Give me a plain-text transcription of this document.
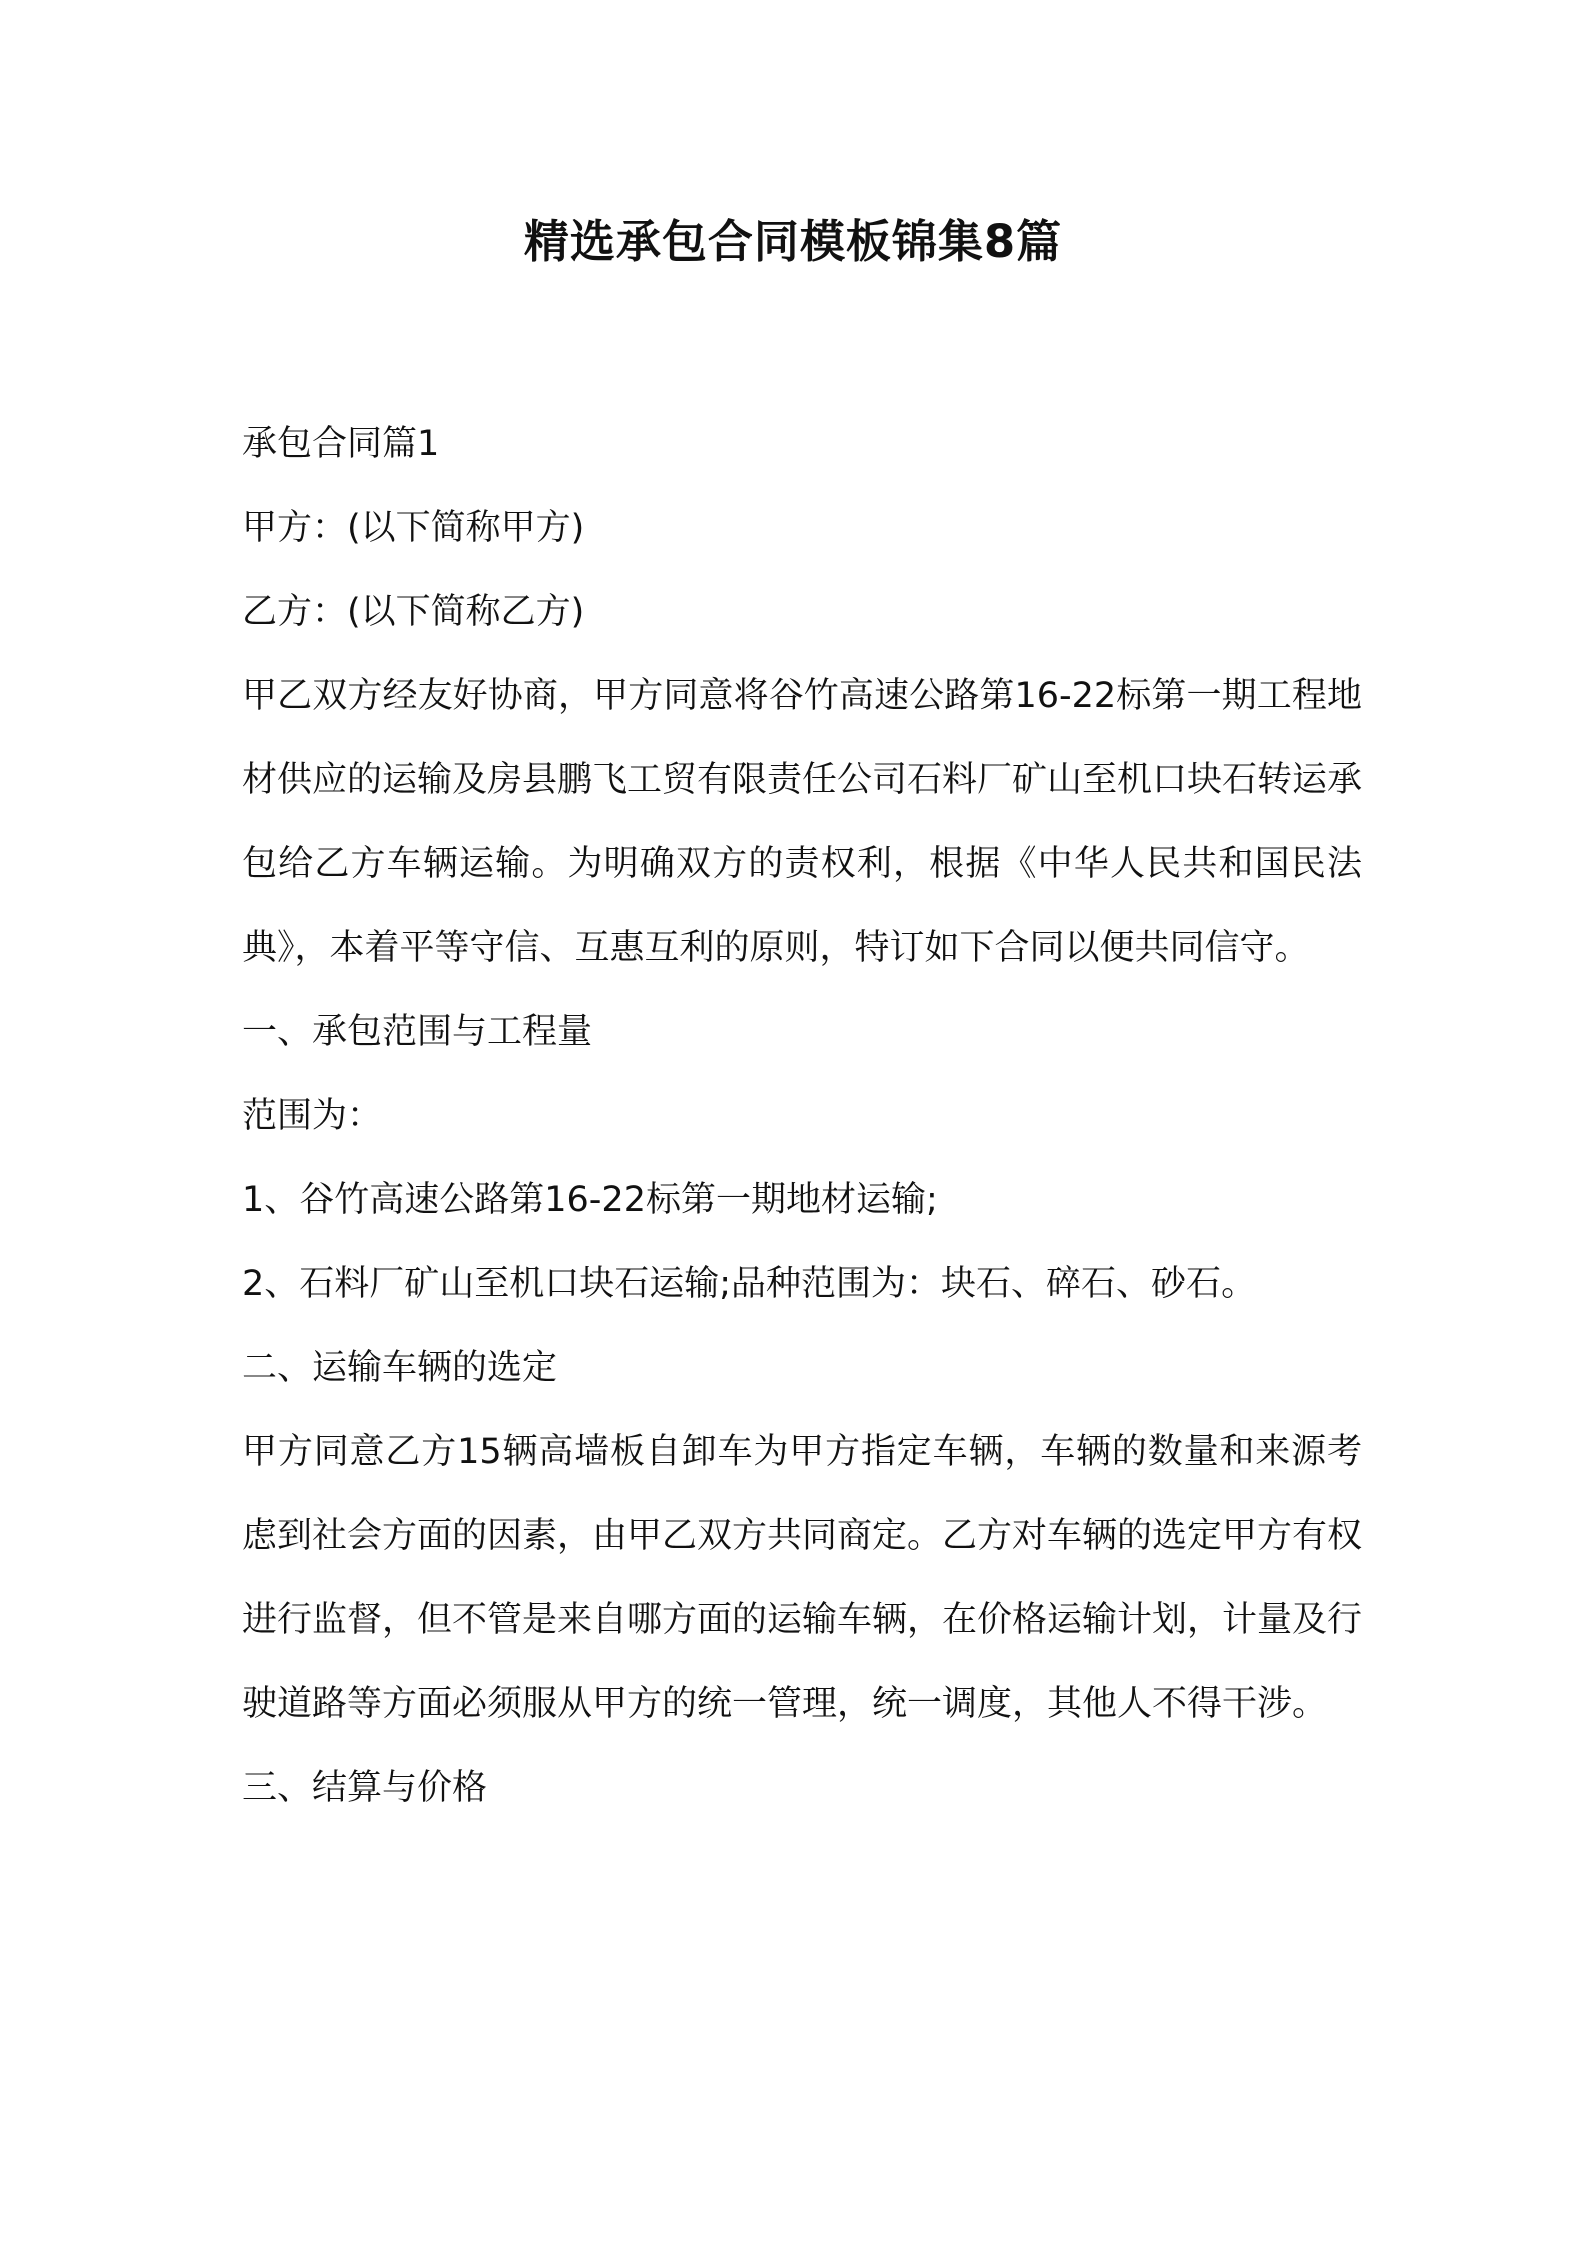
精选承包合同模板锦集8篇

承包合同篇1

甲方：(以下简称甲方)

乙方：(以下简称乙方)

甲乙双方经友好协商，甲方同意将谷竹高速公路第16-22标第一期工程地材供应的运输及房县鹏飞工贸有限责任公司石料厂矿山至机口块石转运承包给乙方车辆运输。为明确双方的责权利，根据《中华人民共和国民法典》，本着平等守信、互惠互利的原则，特订如下合同以便共同信守。

一、承包范围与工程量

范围为：

1、谷竹高速公路第16-22标第一期地材运输;

2、石料厂矿山至机口块石运输;品种范围为：块石、碎石、砂石。

二、运输车辆的选定

甲方同意乙方15辆高墙板自卸车为甲方指定车辆，车辆的数量和来源考虑到社会方面的因素，由甲乙双方共同商定。乙方对车辆的选定甲方有权进行监督，但不管是来自哪方面的运输车辆，在价格运输计划，计量及行驶道路等方面必须服从甲方的统一管理，统一调度，其他人不得干涉。

三、结算与价格
